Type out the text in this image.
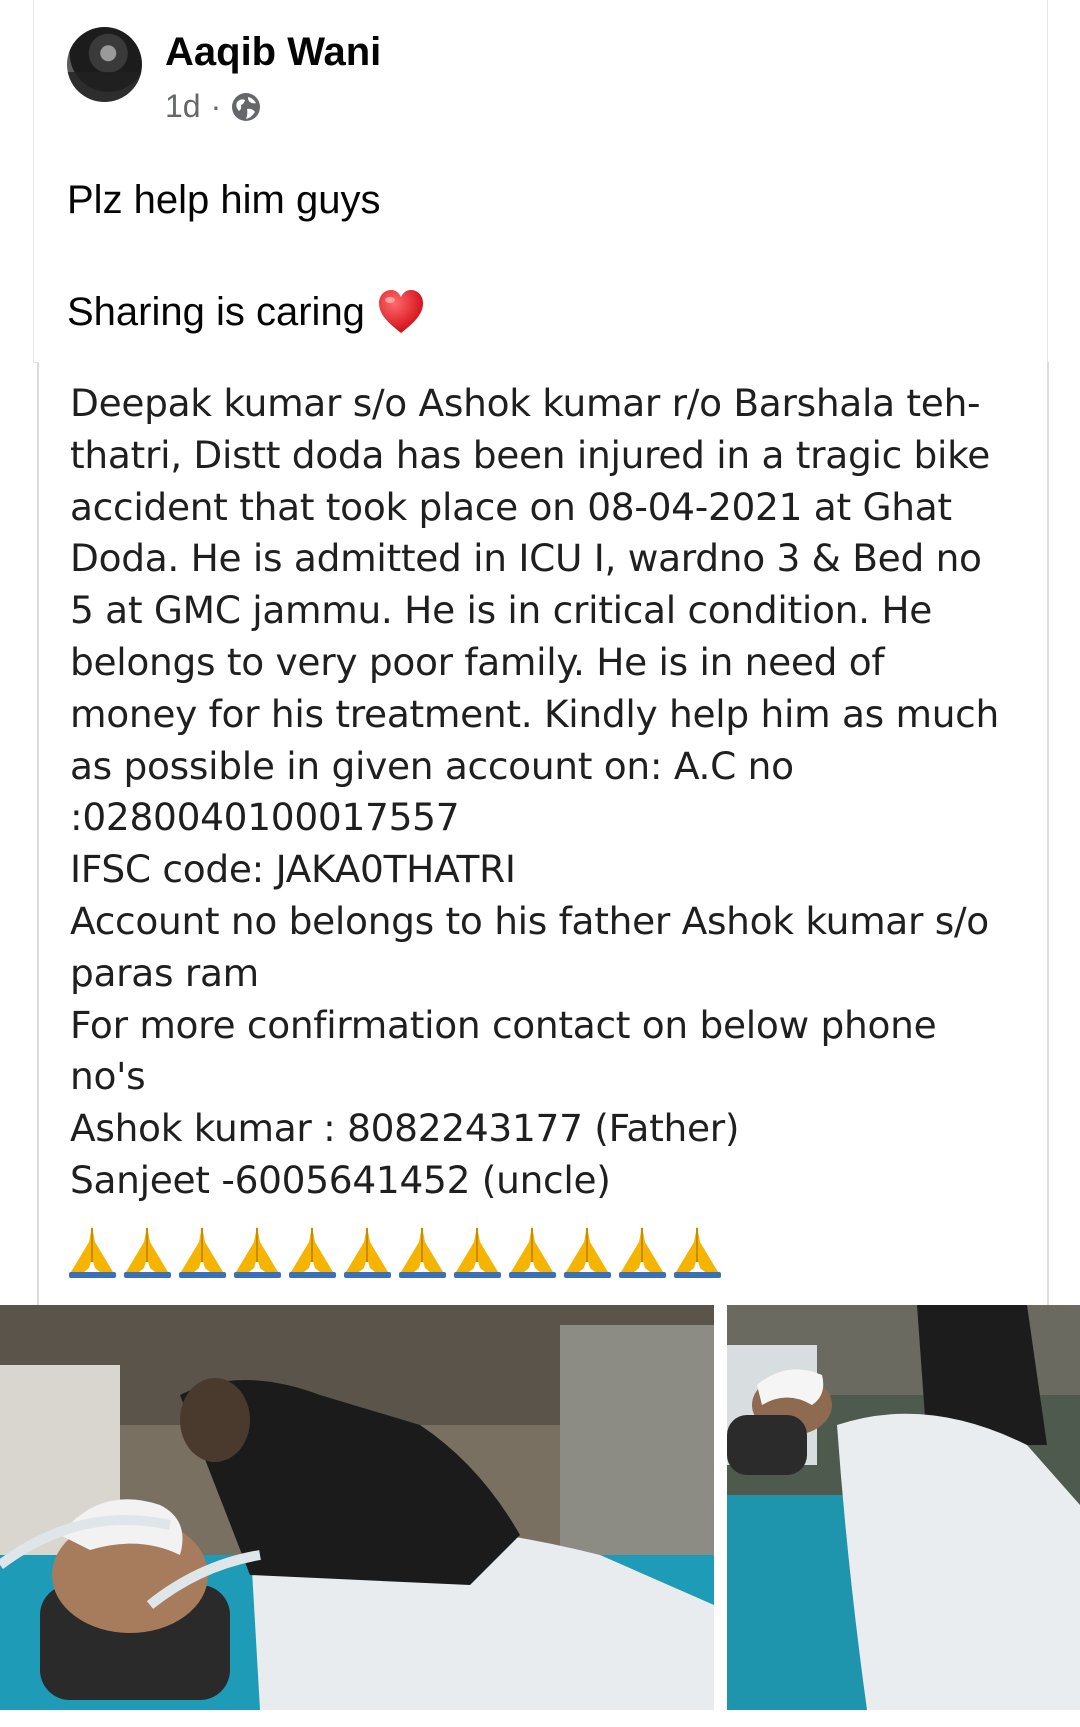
Aaqib Wani
1d ·
Plz help him guys
Sharing is caring
Deepak kumar s/o Ashok kumar r/o Barshala teh-
thatri, Distt doda has been injured in a tragic bike
accident that took place on 08-04-2021 at Ghat
Doda. He is admitted in ICU I, wardno 3 & Bed no
5 at GMC jammu. He is in critical condition. He
belongs to very poor family. He is in need of
money for his treatment. Kindly help him as much
as possible in given account on: A.C no
:0280040100017557
IFSC code: JAKA0THATRI
Account no belongs to his father Ashok kumar s/o
paras ram
For more confirmation contact on below phone
no's
Ashok kumar : 8082243177 (Father)
Sanjeet -6005641452 (uncle)
